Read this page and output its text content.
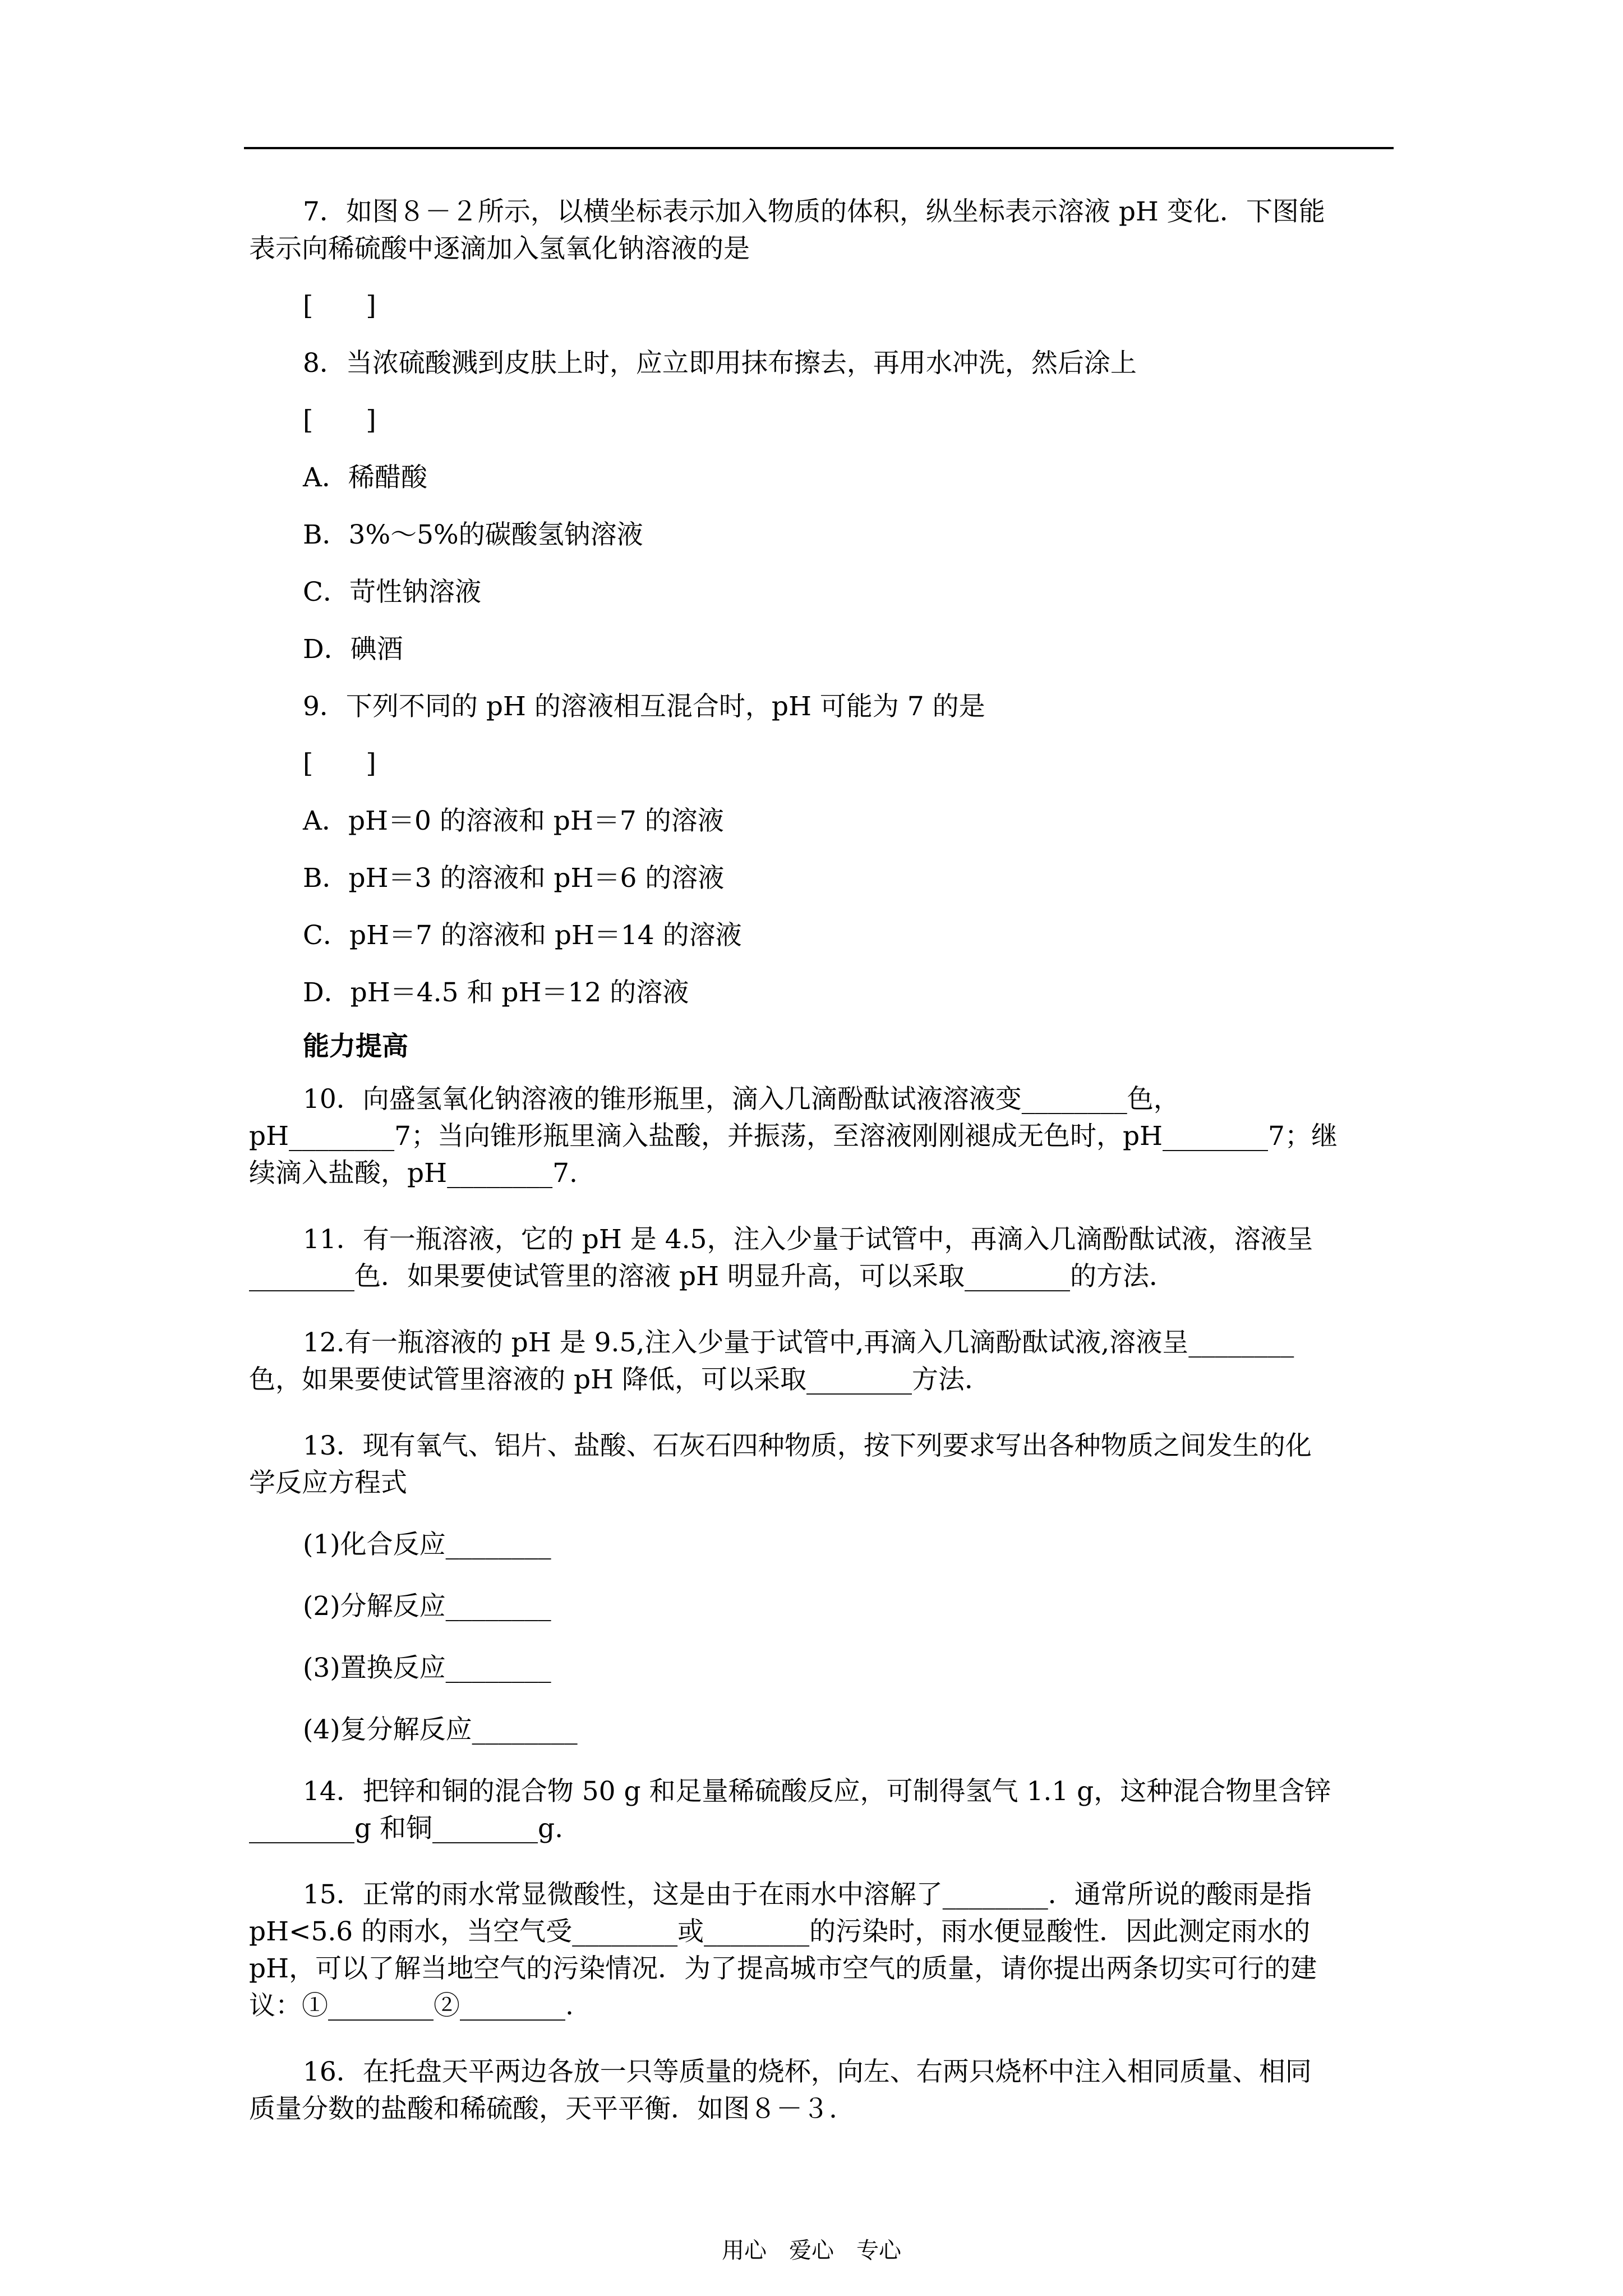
7．如图８－２所示，以横坐标表示加入物质的体积，纵坐标表示溶液 pH 变化．下图能

表示向稀硫酸中逐滴加入氢氧化钠溶液的是

[　　]

8．当浓硫酸溅到皮肤上时，应立即用抹布擦去，再用水冲洗，然后涂上

[　　]

A．稀醋酸

B．3%～5%的碳酸氢钠溶液

C．苛性钠溶液

D．碘酒

9．下列不同的 pH 的溶液相互混合时，pH 可能为 7 的是

[　　]

A．pH＝0 的溶液和 pH＝7 的溶液

B．pH＝3 的溶液和 pH＝6 的溶液

C．pH＝7 的溶液和 pH＝14 的溶液

D．pH＝4.5 和 pH＝12 的溶液

能力提高

10．向盛氢氧化钠溶液的锥形瓶里，滴入几滴酚酞试液溶液变________色，

pH________7；当向锥形瓶里滴入盐酸，并振荡，至溶液刚刚褪成无色时，pH________7；继

续滴入盐酸，pH________7.

11．有一瓶溶液，它的 pH 是 4.5，注入少量于试管中，再滴入几滴酚酞试液，溶液呈

________色．如果要使试管里的溶液 pH 明显升高，可以采取________的方法．

12.有一瓶溶液的 pH 是 9.5,注入少量于试管中,再滴入几滴酚酞试液,溶液呈________

色，如果要使试管里溶液的 pH 降低，可以采取________方法．

13．现有氧气、铝片、盐酸、石灰石四种物质，按下列要求写出各种物质之间发生的化

学反应方程式

(1)化合反应________

(2)分解反应________

(3)置换反应________

(4)复分解反应________

14．把锌和铜的混合物 50 g 和足量稀硫酸反应，可制得氢气 1.1 g，这种混合物里含锌

________g 和铜________g.

15．正常的雨水常显微酸性，这是由于在雨水中溶解了________．通常所说的酸雨是指

pH<5.6 的雨水，当空气受________或________的污染时，雨水便显酸性．因此测定雨水的

pH，可以了解当地空气的污染情况．为了提高城市空气的质量，请你提出两条切实可行的建

议：①________②________.

16．在托盘天平两边各放一只等质量的烧杯，向左、右两只烧杯中注入相同质量、相同

质量分数的盐酸和稀硫酸，天平平衡．如图８－３.

用心　爱心　专心
